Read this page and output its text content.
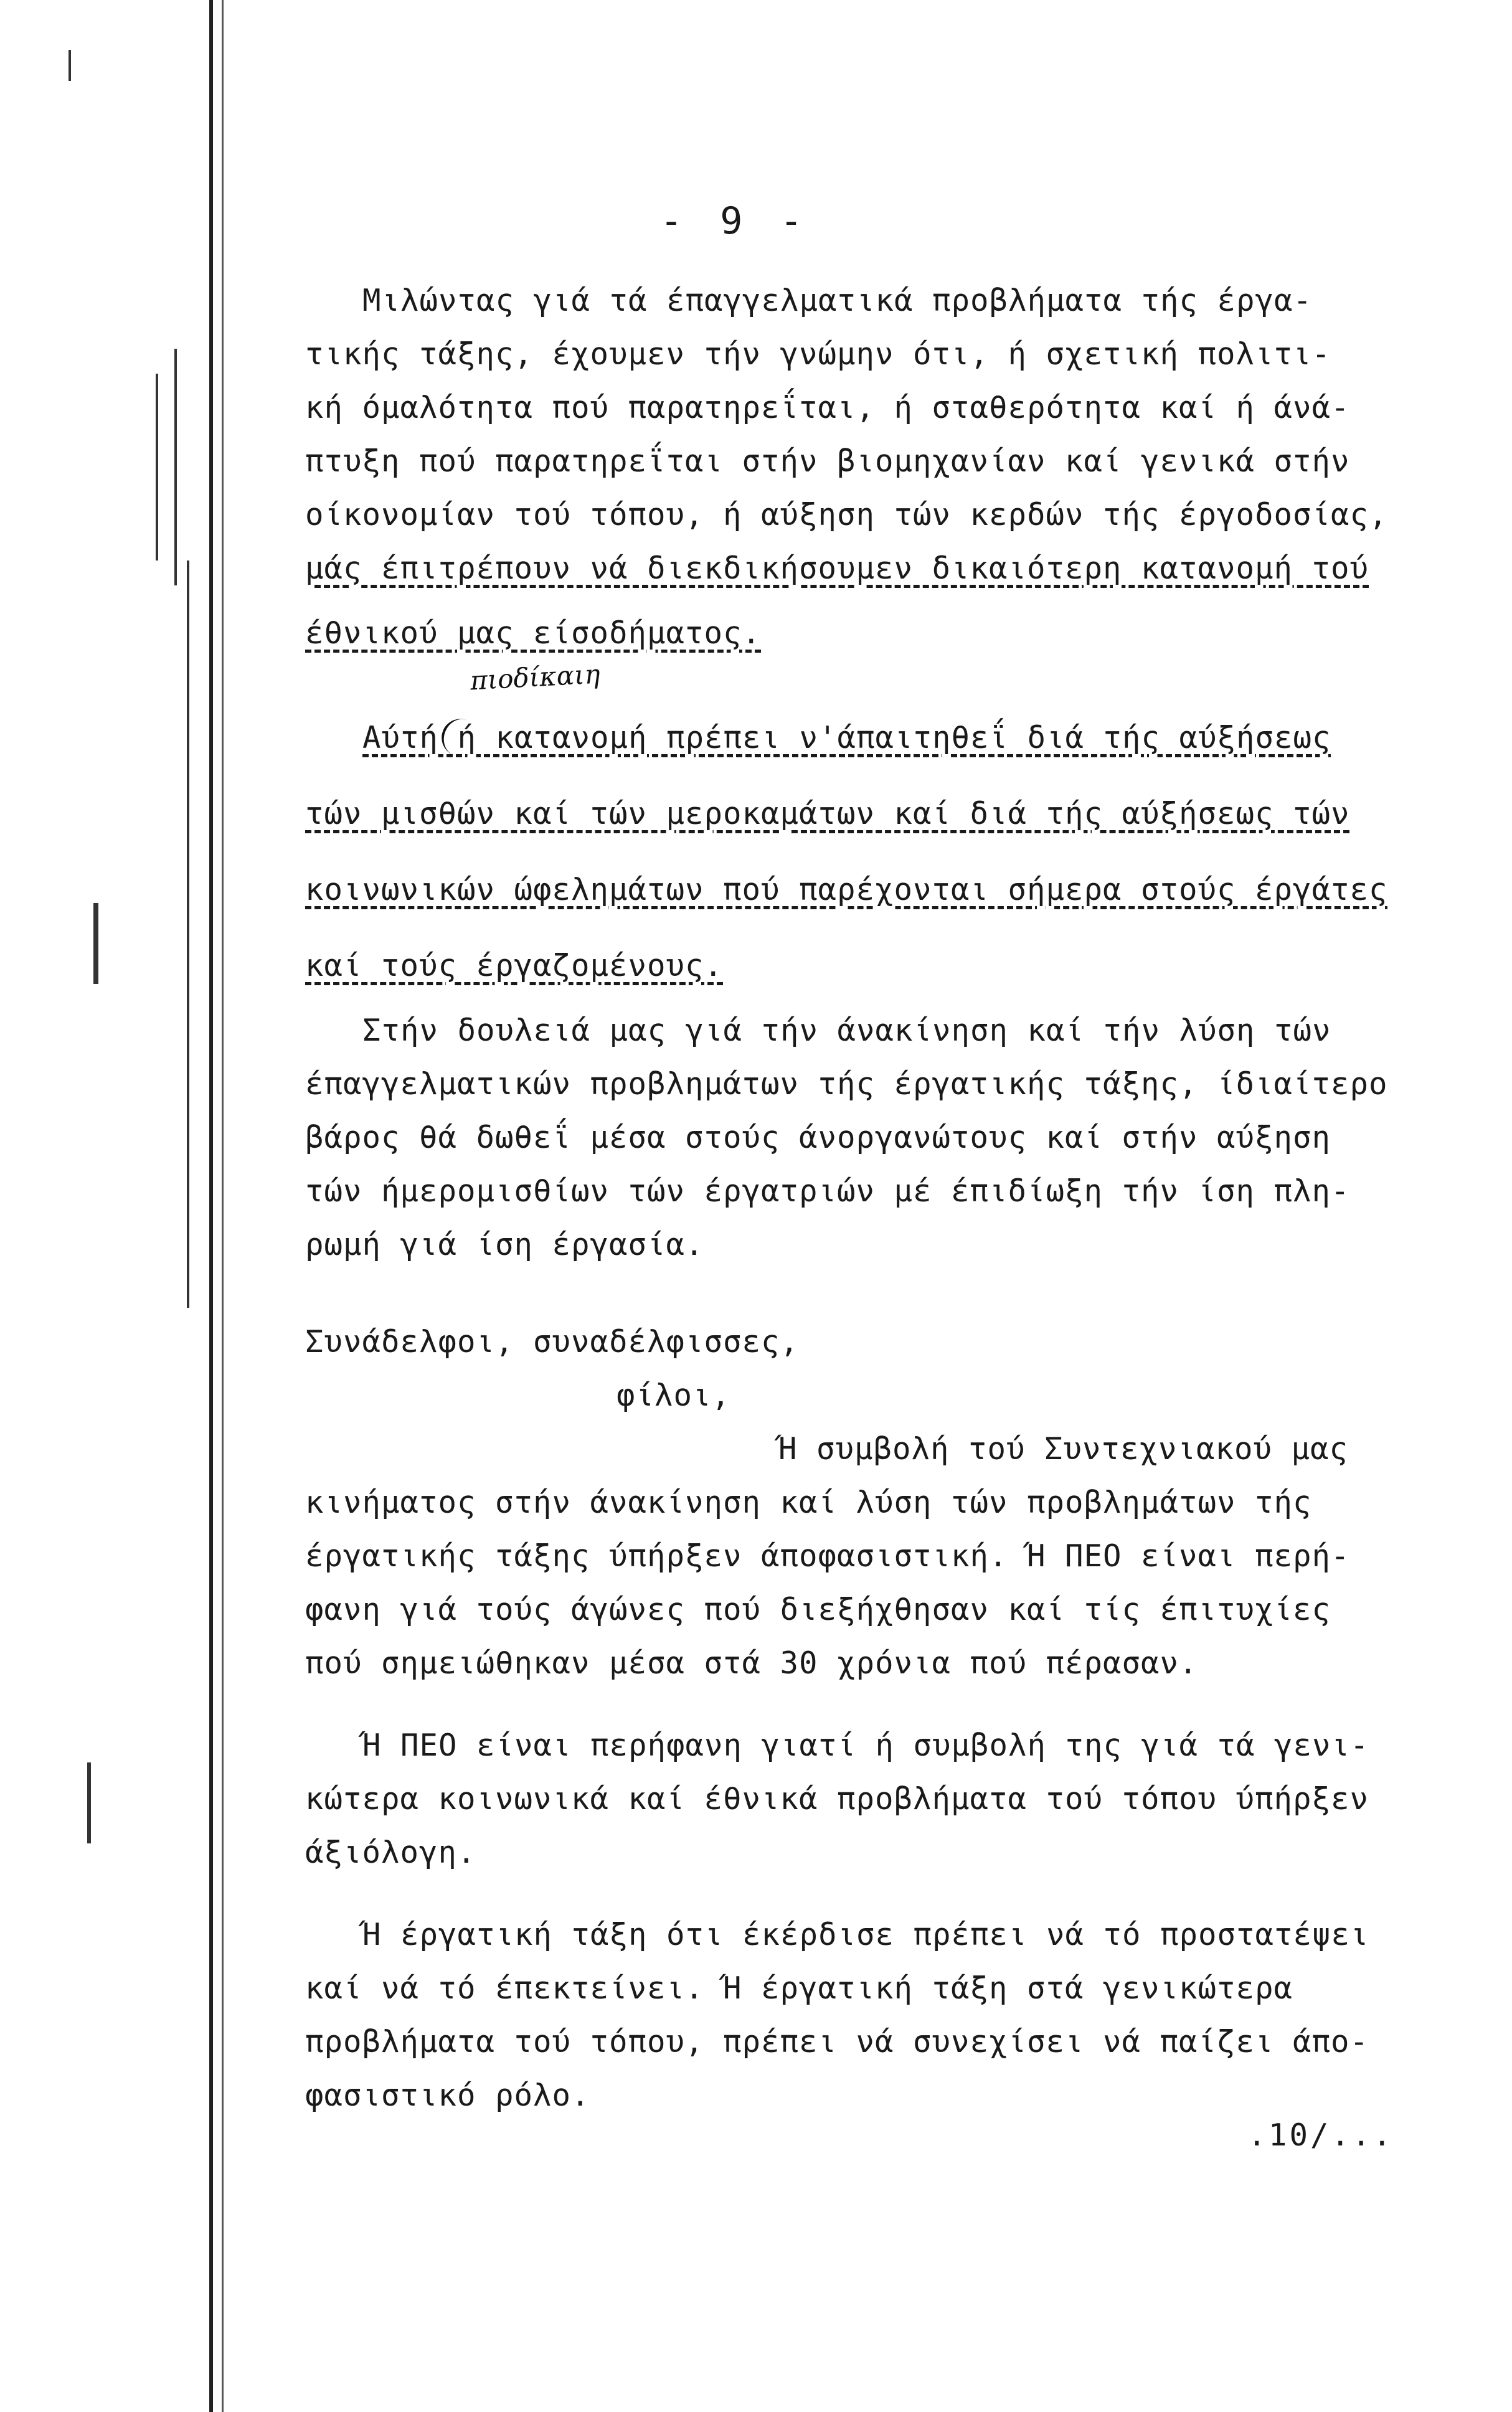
- 9 -
πιοδίκαιη
Μιλώντας γιά τά έπαγγελματικά προβλήματα τής έργα-
τικής τάξης, έχουμεν τήν γνώμην ότι, ή σχετική πολιτι-
κή όμαλότητα πού παρατηρεΐται, ή σταθερότητα καί ή άνά-
πτυξη πού παρατηρεΐται στήν βιομηχανίαν καί γενικά στήν
οίκονομίαν τού τόπου, ή αύξηση τών κερδών τής έργοδοσίας,
μάς έπιτρέπουν νά διεκδικήσουμεν δικαιότερη κατανομή τού
έθνικού μας είσοδήματος.
Αύτή ή κατανομή πρέπει ν'άπαιτηθεΐ διά τής αύξήσεως
τών μισθών καί τών μεροκαμάτων καί διά τής αύξήσεως τών
κοινωνικών ώφελημάτων πού παρέχονται σήμερα στούς έργάτες
καί τούς έργαζομένους.
Στήν δουλειά μας γιά τήν άνακίνηση καί τήν λύση τών
έπαγγελματικών προβλημάτων τής έργατικής τάξης, ίδιαίτερο
βάρος θά δωθεΐ μέσα στούς άνοργανώτους καί στήν αύξηση
τών ήμερομισθίων τών έργατριών μέ έπιδίωξη τήν ίση πλη-
ρωμή γιά ίση έργασία.
Συνάδελφοι, συναδέλφισσες,
φίλοι,
Ή συμβολή τού Συντεχνιακού μας
κινήματος στήν άνακίνηση καί λύση τών προβλημάτων τής
έργατικής τάξης ύπήρξεν άποφασιστική. Ή ΠΕΟ είναι περή-
φανη γιά τούς άγώνες πού διεξήχθησαν καί τίς έπιτυχίες
πού σημειώθηκαν μέσα στά 30 χρόνια πού πέρασαν.
Ή ΠΕΟ είναι περήφανη γιατί ή συμβολή της γιά τά γενι-
κώτερα κοινωνικά καί έθνικά προβλήματα τού τόπου ύπήρξεν
άξιόλογη.
Ή έργατική τάξη ότι έκέρδισε πρέπει νά τό προστατέψει
καί νά τό έπεκτείνει. Ή έργατική τάξη στά γενικώτερα
προβλήματα τού τόπου, πρέπει νά συνεχίσει νά παίζει άπο-
φασιστικό ρόλο.
.10/...
